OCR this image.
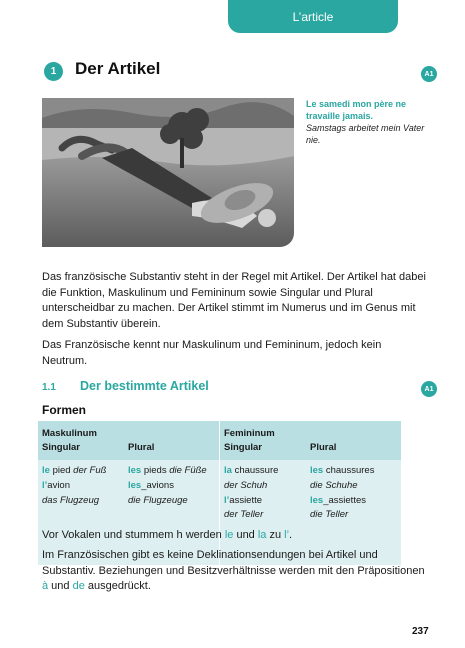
L’article
1	Der Artikel	A1
Le samedi mon père ne travaille jamais.
Samstags arbeitet mein Vater nie.

Das französische Substantiv steht in der Regel mit Artikel. Der Artikel hat dabei die Funktion, Maskulinum und Femininum sowie Singular und Plural unterscheidbar zu machen. Der Artikel stimmt im Numerus und im Genus mit dem Substantiv überein.

Das Französische kennt nur Maskulinum und Femininum, jedoch kein Neutrum.

1.1 Der bestimmte Artikel	A1
Formen
Maskulinum
Singular	Plural
le pied der Fuß	les pieds die Füße
l’avion	les_avions
das Flugzeug	die Flugzeuge
Femininum
Singular	Plural
la chaussure	les chaussures
der Schuh	die Schuhe
l’assiette	les_assiettes
der Teller	die Teller

Vor Vokalen und stummem h werden le und la zu l’.

Im Französischen gibt es keine Deklinationsendungen bei Artikel und Substantiv. Beziehungen und Besitzverhältnisse werden mit den Präpositionen à und de ausgedrückt.

237
